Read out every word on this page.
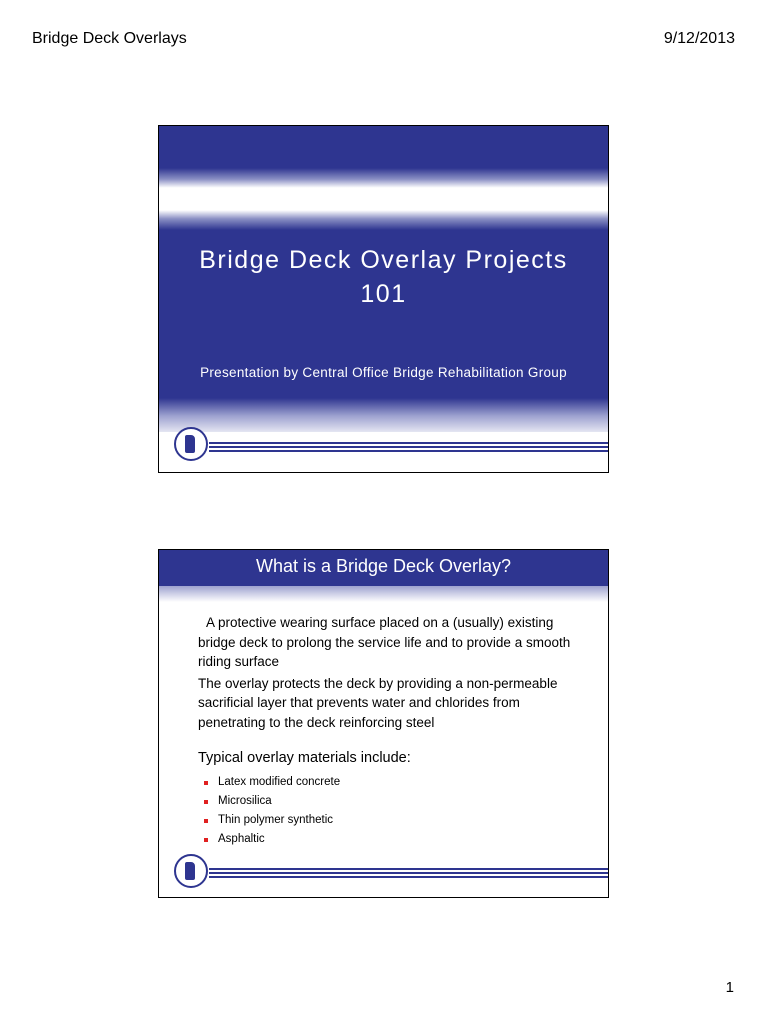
Bridge Deck Overlays	9/12/2013
Bridge Deck Overlay Projects
101
Presentation by Central Office Bridge Rehabilitation Group
What is a Bridge Deck Overlay?

A protective wearing surface placed on a (usually) existing bridge deck to prolong the service life and to provide a smooth riding surface

The overlay protects the deck by providing a non-permeable sacrificial layer that prevents water and chlorides from penetrating to the deck reinforcing steel

Typical overlay materials include:
Latex modified concrete
Microsilica
Thin polymer synthetic
Asphaltic
1
